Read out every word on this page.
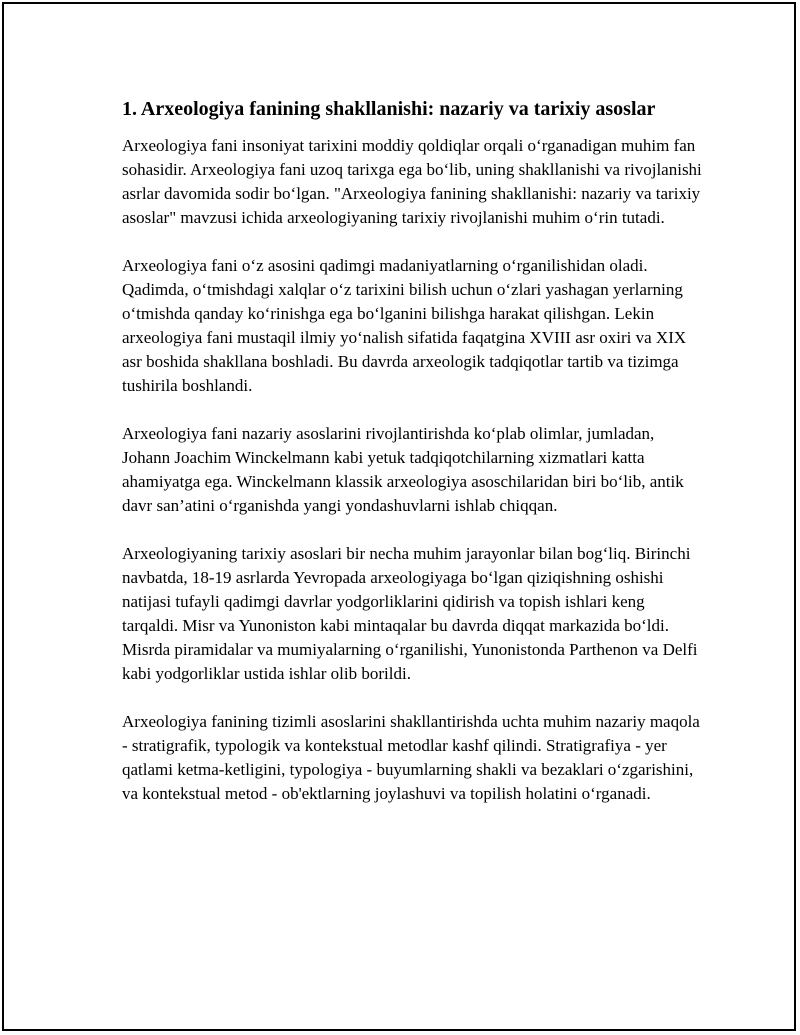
1. Arxeologiya fanining shakllanishi: nazariy va tarixiy asoslar

Arxeologiya fani insoniyat tarixini moddiy qoldiqlar orqali o‘rganadigan muhim fan sohasidir. Arxeologiya fani uzoq tarixga ega bo‘lib, uning shakllanishi va rivojlanishi asrlar davomida sodir bo‘lgan. "Arxeologiya fanining shakllanishi: nazariy va tarixiy asoslar" mavzusi ichida arxeologiyaning tarixiy rivojlanishi muhim o‘rin tutadi.

Arxeologiya fani o‘z asosini qadimgi madaniyatlarning o‘rganilishidan oladi. Qadimda, o‘tmishdagi xalqlar o‘z tarixini bilish uchun o‘zlari yashagan yerlarning o‘tmishda qanday ko‘rinishga ega bo‘lganini bilishga harakat qilishgan. Lekin arxeologiya fani mustaqil ilmiy yo‘nalish sifatida faqatgina XVIII asr oxiri va XIX asr boshida shakllana boshladi. Bu davrda arxeologik tadqiqotlar tartib va tizimga tushirila boshlandi.

Arxeologiya fani nazariy asoslarini rivojlantirishda ko‘plab olimlar, jumladan, Johann Joachim Winckelmann kabi yetuk tadqiqotchilarning xizmatlari katta ahamiyatga ega. Winckelmann klassik arxeologiya asoschilaridan biri bo‘lib, antik davr san’atini o‘rganishda yangi yondashuvlarni ishlab chiqqan.

Arxeologiyaning tarixiy asoslari bir necha muhim jarayonlar bilan bog‘liq. Birinchi navbatda, 18-19 asrlarda Yevropada arxeologiyaga bo‘lgan qiziqishning oshishi natijasi tufayli qadimgi davrlar yodgorliklarini qidirish va topish ishlari keng tarqaldi. Misr va Yunoniston kabi mintaqalar bu davrda diqqat markazida bo‘ldi. Misrda piramidalar va mumiyalarning o‘rganilishi, Yunonistonda Parthenon va Delfi kabi yodgorliklar ustida ishlar olib borildi.

Arxeologiya fanining tizimli asoslarini shakllantirishda uchta muhim nazariy maqola - stratigrafik, typologik va kontekstual metodlar kashf qilindi. Stratigrafiya - yer qatlami ketma-ketligini, typologiya - buyumlarning shakli va bezaklari o‘zgarishini, va kontekstual metod - ob'ektlarning joylashuvi va topilish holatini o‘rganadi.
